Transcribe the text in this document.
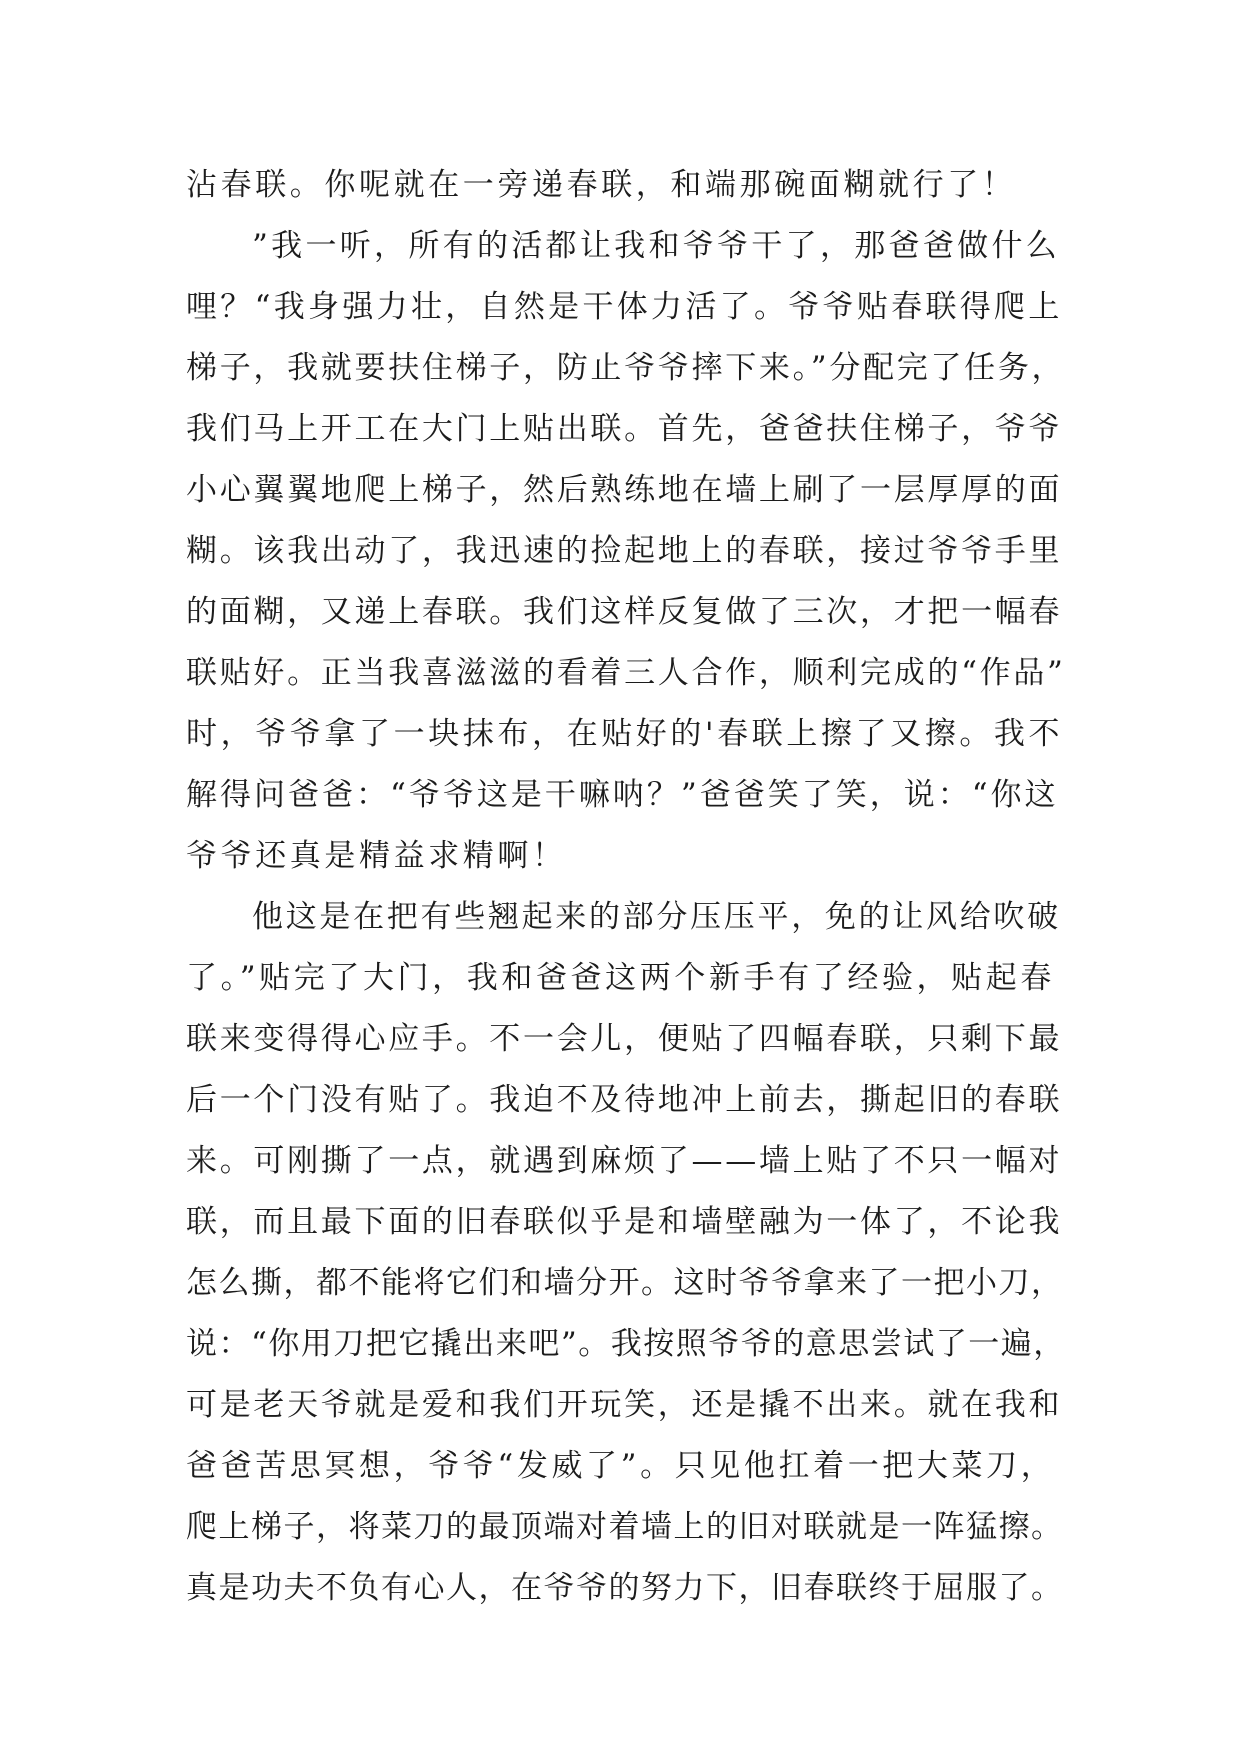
沾春联。你呢就在一旁递春联，和端那碗面糊就行了！
”我一听，所有的活都让我和爷爷干了，那爸爸做什么
哩？“我身强力壮，自然是干体力活了。爷爷贴春联得爬上
梯子，我就要扶住梯子，防止爷爷摔下来。”分配完了任务，
我们马上开工在大门上贴出联。首先，爸爸扶住梯子，爷爷
小心翼翼地爬上梯子，然后熟练地在墙上刷了一层厚厚的面
糊。该我出动了，我迅速的捡起地上的春联，接过爷爷手里
的面糊，又递上春联。我们这样反复做了三次，才把一幅春
联贴好。正当我喜滋滋的看着三人合作，顺利完成的“作品”
时，爷爷拿了一块抹布，在贴好的'春联上擦了又擦。我不
解得问爸爸：“爷爷这是干嘛呐？”爸爸笑了笑，说：“你这
爷爷还真是精益求精啊！
他这是在把有些翘起来的部分压压平，免的让风给吹破
了。”贴完了大门，我和爸爸这两个新手有了经验，贴起春
联来变得得心应手。不一会儿，便贴了四幅春联，只剩下最
后一个门没有贴了。我迫不及待地冲上前去，撕起旧的春联
来。可刚撕了一点，就遇到麻烦了——墙上贴了不只一幅对
联，而且最下面的旧春联似乎是和墙壁融为一体了，不论我
怎么撕，都不能将它们和墙分开。这时爷爷拿来了一把小刀，
说：“你用刀把它撬出来吧”。我按照爷爷的意思尝试了一遍，
可是老天爷就是爱和我们开玩笑，还是撬不出来。就在我和
爸爸苦思冥想，爷爷“发威了”。只见他扛着一把大菜刀，
爬上梯子，将菜刀的最顶端对着墙上的旧对联就是一阵猛擦。
真是功夫不负有心人，在爷爷的努力下，旧春联终于屈服了。
